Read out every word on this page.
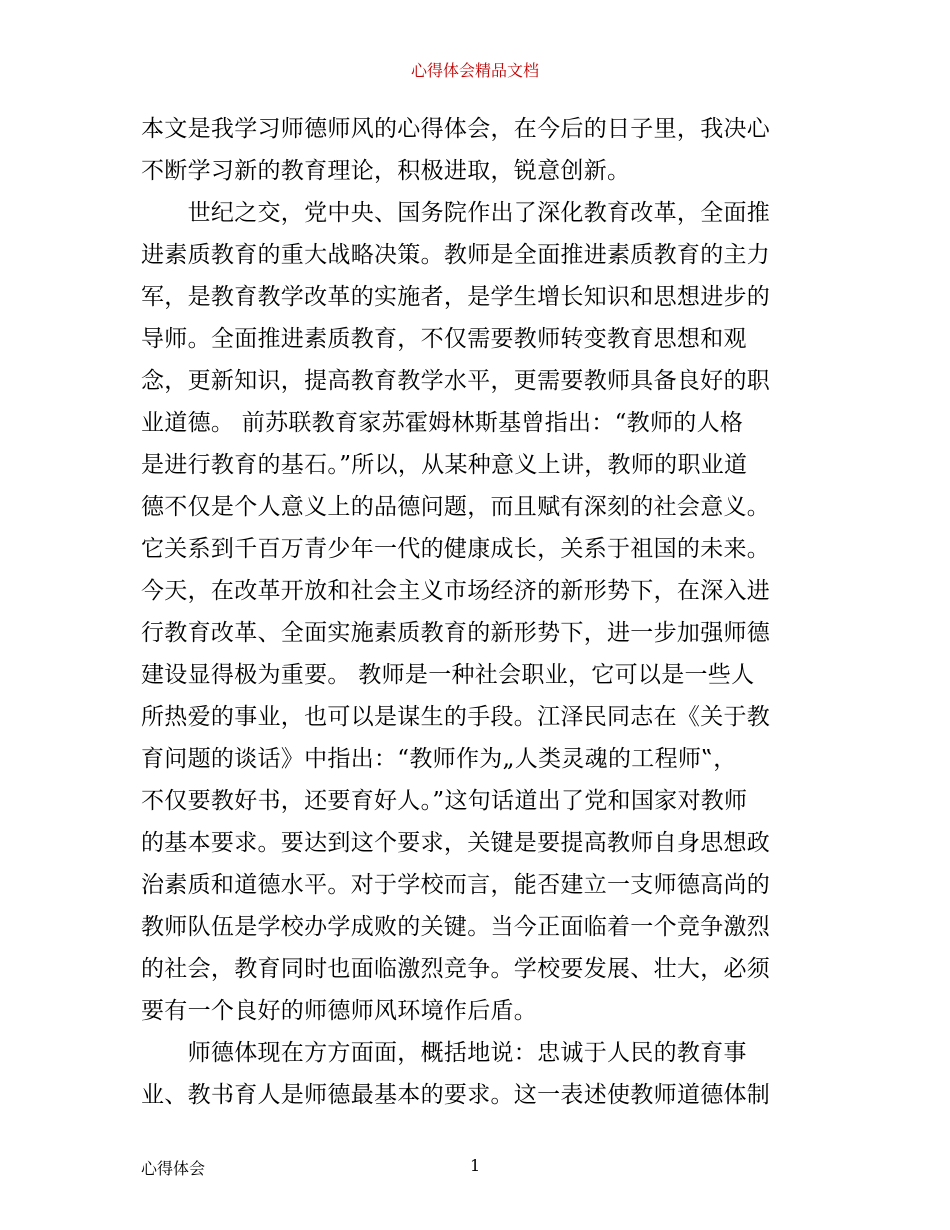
心得体会精品文档
本文是我学习师德师风的心得体会，在今后的日子里，我决心
不断学习新的教育理论，积极进取，锐意创新。
　　世纪之交，党中央、国务院作出了深化教育改革，全面推
进素质教育的重大战略决策。教师是全面推进素质教育的主力
军，是教育教学改革的实施者，是学生增长知识和思想进步的
导师。全面推进素质教育，不仅需要教师转变教育思想和观
念，更新知识，提高教育教学水平，更需要教师具备良好的职
业道德。 前苏联教育家苏霍姆林斯基曾指出：“教师的人格
是进行教育的基石。”所以，从某种意义上讲，教师的职业道
德不仅是个人意义上的品德问题，而且赋有深刻的社会意义。
它关系到千百万青少年一代的健康成长，关系于祖国的未来。
今天，在改革开放和社会主义市场经济的新形势下，在深入进
行教育改革、全面实施素质教育的新形势下，进一步加强师德
建设显得极为重要。 教师是一种社会职业，它可以是一些人
所热爱的事业，也可以是谋生的手段。江泽民同志在《关于教
育问题的谈话》中指出：“教师作为„人类灵魂的工程师‟，
不仅要教好书，还要育好人。”这句话道出了党和国家对教师
的基本要求。要达到这个要求，关键是要提高教师自身思想政
治素质和道德水平。对于学校而言，能否建立一支师德高尚的
教师队伍是学校办学成败的关键。当今正面临着一个竞争激烈
的社会，教育同时也面临激烈竞争。学校要发展、壮大，必须
要有一个良好的师德师风环境作后盾。
　　师德体现在方方面面，概括地说：忠诚于人民的教育事
业、教书育人是师德最基本的要求。这一表述使教师道德体制
心得体会	1
